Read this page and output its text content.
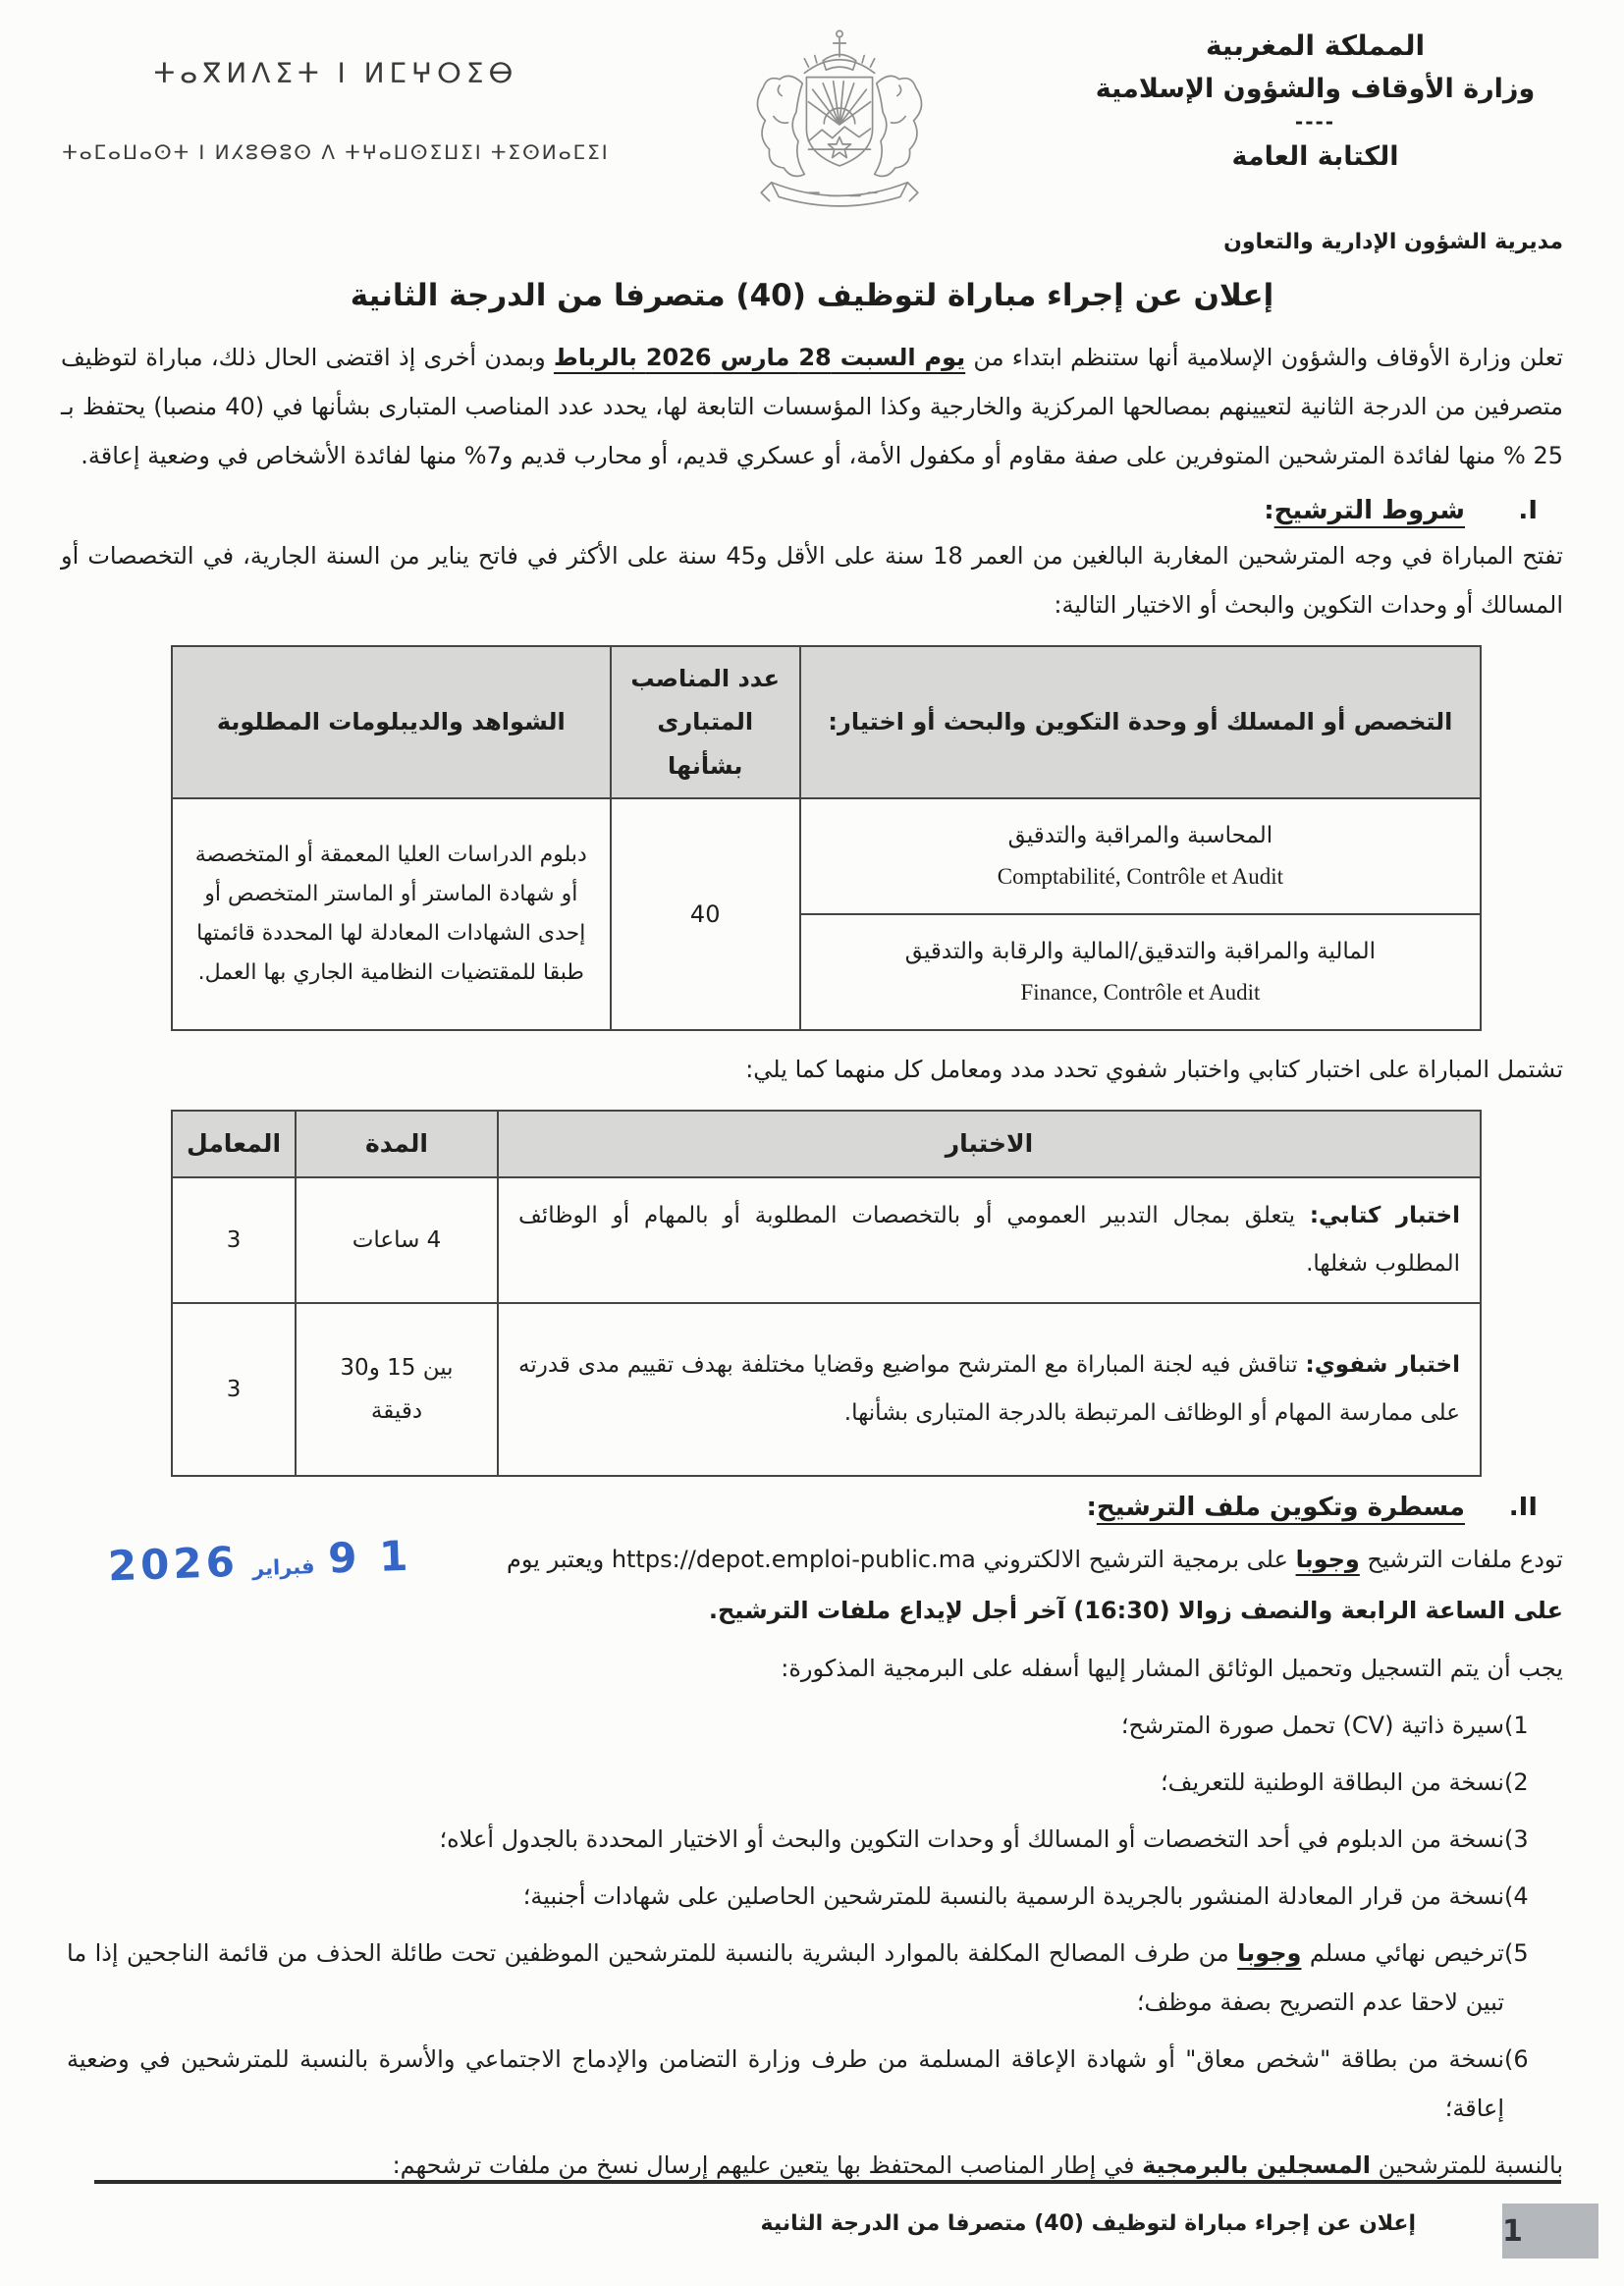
ⵜⴰⴳⵍⴷⵉⵜ ⵏ ⵍⵎⵖⵔⵉⴱ
ⵜⴰⵎⴰⵡⴰⵙⵜ ⵏ ⵍⵃⵓⴱⵓⵙ ⴷ ⵜⵖⴰⵡⵙⵉⵡⵉⵏ ⵜⵉⵙⵍⴰⵎⵉⵏ
المملكة المغربية
وزارة الأوقاف والشؤون الإسلامية
----
الكتابة العامة
مديرية الشؤون الإدارية والتعاون
إعلان عن إجراء مباراة لتوظيف (40) متصرفا من الدرجة الثانية

تعلن وزارة الأوقاف والشؤون الإسلامية أنها ستنظم ابتداء من يوم السبت 28 مارس 2026 بالرباط وبمدن أخرى إذ اقتضى الحال ذلك، مباراة لتوظيف متصرفين من الدرجة الثانية لتعيينهم بمصالحها المركزية والخارجية وكذا المؤسسات التابعة لها، يحدد عدد المناصب المتبارى بشأنها في (40 منصبا) يحتفظ بـ 25 % منها لفائدة المترشحين المتوفرين على صفة مقاوم أو مكفول الأمة، أو عسكري قديم، أو محارب قديم و7% منها لفائدة الأشخاص في وضعية إعاقة.

I.
شروط الترشيح:

تفتح المباراة في وجه المترشحين المغاربة البالغين من العمر 18 سنة على الأقل و45 سنة على الأكثر في فاتح يناير من السنة الجارية، في التخصصات أو المسالك أو وحدات التكوين والبحث أو الاختيار التالية:

التخصص أو المسلك أو وحدة التكوين والبحث أو اختيار:	عدد المناصب المتبارى بشأنها	الشواهد والديبلومات المطلوبة

المحاسبة والمراقبة والتدقيق
Comptabilité, Contrôle et Audit	40	دبلوم الدراسات العليا المعمقة أو المتخصصة أو شهادة الماستر أو الماستر المتخصص أو إحدى الشهادات المعادلة لها المحددة قائمتها طبقا للمقتضيات النظامية الجاري بها العمل.

المالية والمراقبة والتدقيق/المالية والرقابة والتدقيق
Finance, Contrôle et Audit		

تشتمل المباراة على اختبار كتابي واختبار شفوي تحدد مدد ومعامل كل منهما كما يلي:

الاختبار	المدة	المعامل
اختبار كتابي: يتعلق بمجال التدبير العمومي أو بالتخصصات المطلوبة أو بالمهام أو الوظائف المطلوب شغلها.	4 ساعات	3
اختبار شفوي: تناقش فيه لجنة المباراة مع المترشح مواضيع وقضايا مختلفة بهدف تقييم مدى قدرته على ممارسة المهام أو الوظائف المرتبطة بالدرجة المتبارى بشأنها.	بين 15 و30 دقيقة	3
II.
مسطرة وتكوين ملف الترشيح:
1 9
فبراير
2026	تودع ملفات الترشيح وجوبا على برمجية الترشيح الالكتروني https://depot.emploi-public.ma ويعتبر يوم
على الساعة الرابعة والنصف زوالا (16:30) آخر أجل لإيداع ملفات الترشيح.

يجب أن يتم التسجيل وتحميل الوثائق المشار إليها أسفله على البرمجية المذكورة:

(1
سيرة ذاتية (CV) تحمل صورة المترشح؛
(2
نسخة من البطاقة الوطنية للتعريف؛
(3
نسخة من الدبلوم في أحد التخصصات أو المسالك أو وحدات التكوين والبحث أو الاختيار المحددة بالجدول أعلاه؛
(4
نسخة من قرار المعادلة المنشور بالجريدة الرسمية بالنسبة للمترشحين الحاصلين على شهادات أجنبية؛
(5
ترخيص نهائي مسلم وجوبا من طرف المصالح المكلفة بالموارد البشرية بالنسبة للمترشحين الموظفين تحت طائلة الحذف من قائمة الناجحين إذا ما تبين لاحقا عدم التصريح بصفة موظف؛
(6
نسخة من بطاقة "شخص معاق" أو شهادة الإعاقة المسلمة من طرف وزارة التضامن والإدماج الاجتماعي والأسرة بالنسبة للمترشحين في وضعية إعاقة؛

بالنسبة للمترشحين المسجلين بالبرمجية في إطار المناصب المحتفظ بها يتعين عليهم إرسال نسخ من ملفات ترشحهم:

إعلان عن إجراء مباراة لتوظيف (40) متصرفا من الدرجة الثانية	1
